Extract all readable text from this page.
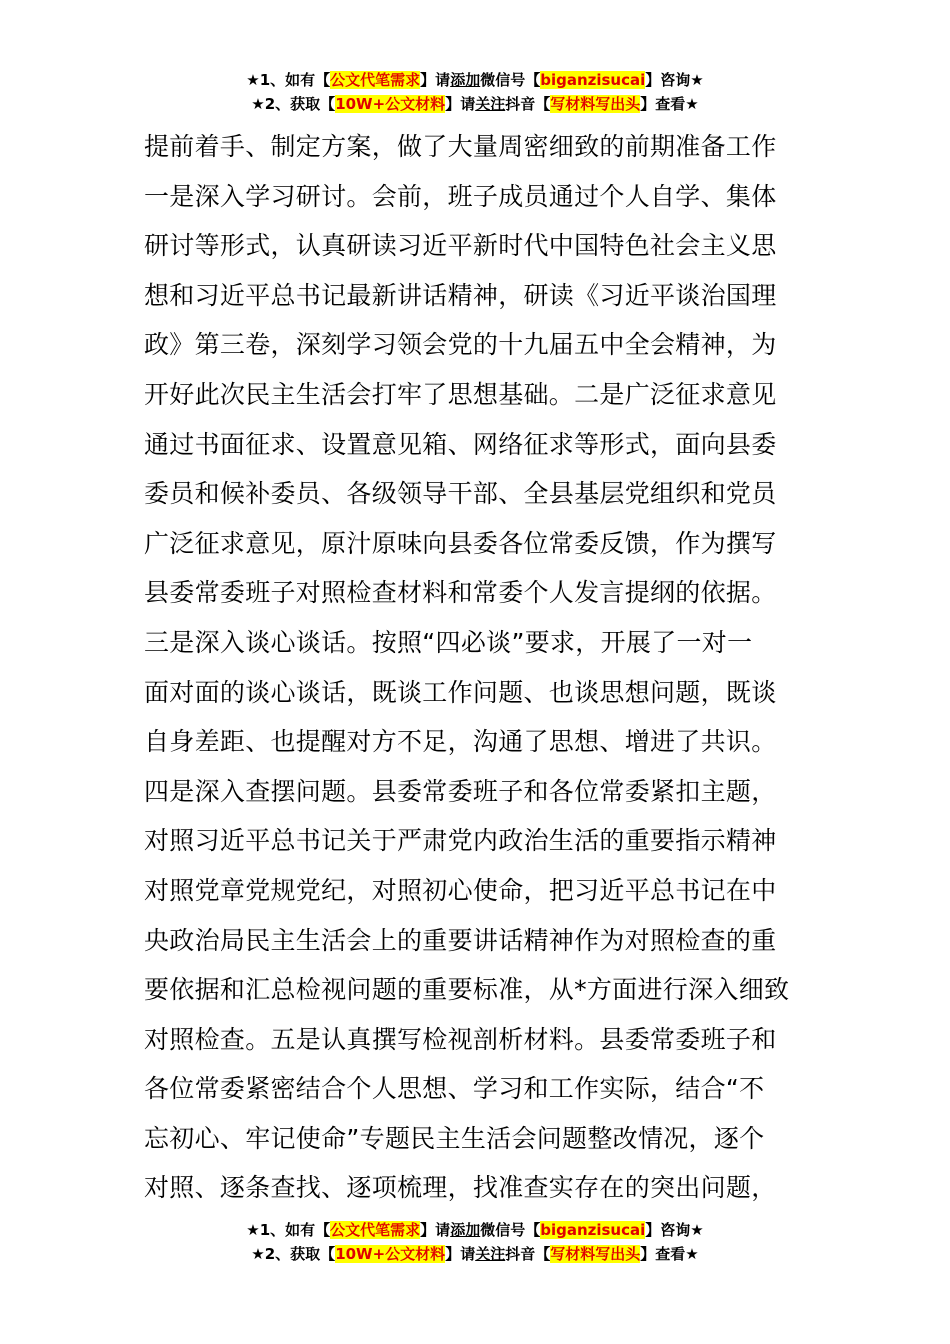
★1、如有【公文代笔需求】请添加微信号【biganzisucai】咨询★
★2、获取【10W+公文材料】请关注抖音【写材料写出头】查看★
提前着手、制定方案，做了大量周密细致的前期准备工作
一是深入学习研讨。会前，班子成员通过个人自学、集体
研讨等形式，认真研读习近平新时代中国特色社会主义思
想和习近平总书记最新讲话精神，研读《习近平谈治国理
政》第三卷，深刻学习领会党的十九届五中全会精神，为
开好此次民主生活会打牢了思想基础。二是广泛征求意见
通过书面征求、设置意见箱、网络征求等形式，面向县委
委员和候补委员、各级领导干部、全县基层党组织和党员
广泛征求意见，原汁原味向县委各位常委反馈，作为撰写
县委常委班子对照检查材料和常委个人发言提纲的依据。
三是深入谈心谈话。按照“四必谈”要求，开展了一对一
面对面的谈心谈话，既谈工作问题、也谈思想问题，既谈
自身差距、也提醒对方不足，沟通了思想、增进了共识。
四是深入查摆问题。县委常委班子和各位常委紧扣主题，
对照习近平总书记关于严肃党内政治生活的重要指示精神
对照党章党规党纪，对照初心使命，把习近平总书记在中
央政治局民主生活会上的重要讲话精神作为对照检查的重
要依据和汇总检视问题的重要标准，从*方面进行深入细致
对照检查。五是认真撰写检视剖析材料。县委常委班子和
各位常委紧密结合个人思想、学习和工作实际，结合“不
忘初心、牢记使命”专题民主生活会问题整改情况，逐个
对照、逐条查找、逐项梳理，找准查实存在的突出问题，
★1、如有【公文代笔需求】请添加微信号【biganzisucai】咨询★
★2、获取【10W+公文材料】请关注抖音【写材料写出头】查看★
